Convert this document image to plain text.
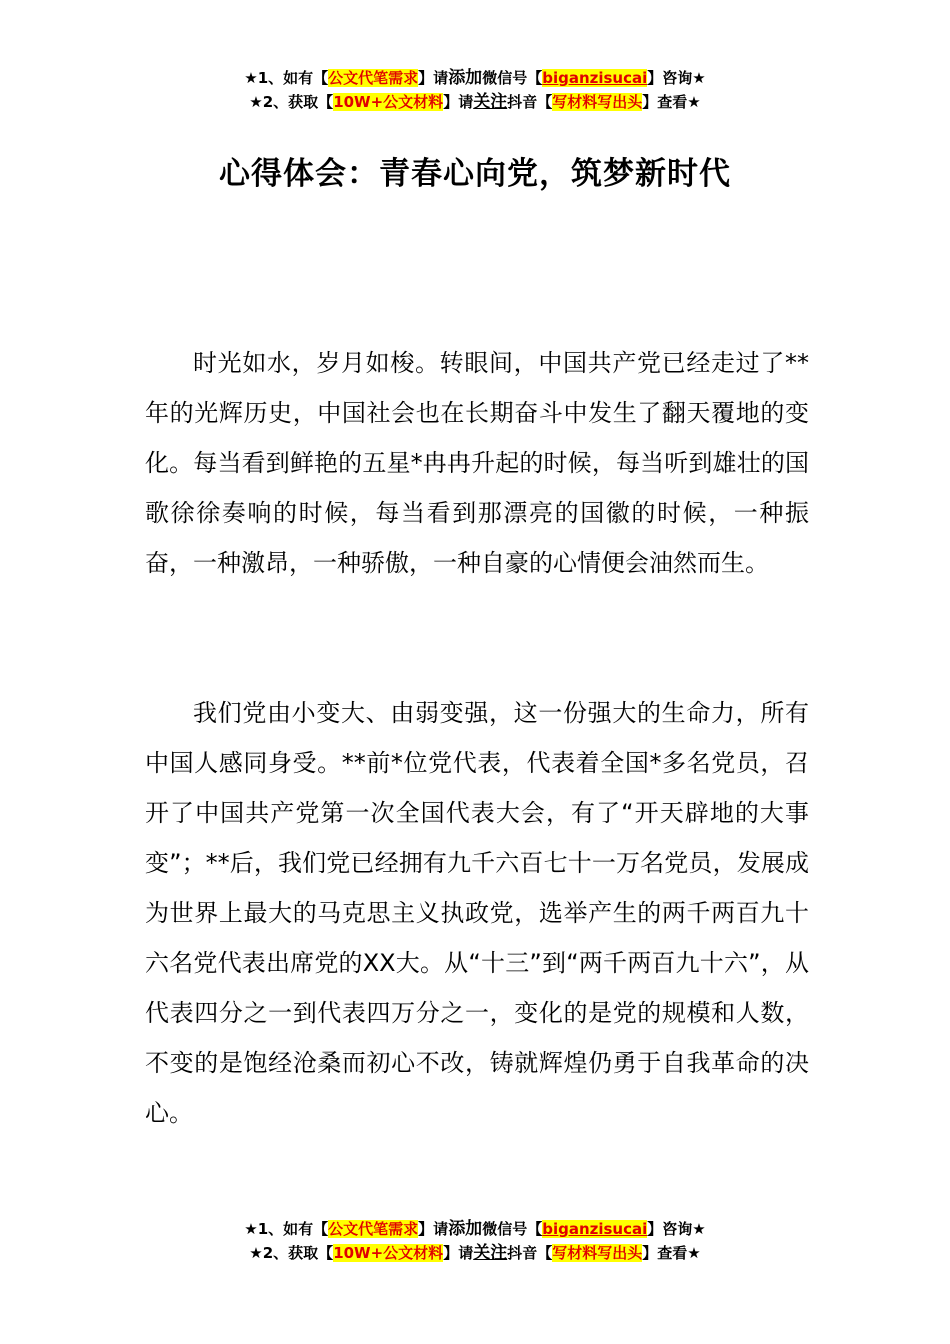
★1、如有【公文代笔需求】请添加微信号【biganzisucai】咨询★
★2、获取【10W+公文材料】请关注抖音【写材料写出头】查看★
心得体会：青春心向党，筑梦新时代

时光如水，岁月如梭。转眼间，中国共产党已经走过了**年的光辉历史，中国社会也在长期奋斗中发生了翻天覆地的变化。每当看到鲜艳的五星*冉冉升起的时候，每当听到雄壮的国歌徐徐奏响的时候，每当看到那漂亮的国徽的时候，一种振奋，一种激昂，一种骄傲，一种自豪的心情便会油然而生。

我们党由小变大、由弱变强，这一份强大的生命力，所有中国人感同身受。**前*位党代表，代表着全国*多名党员，召开了中国共产党第一次全国代表大会，有了“开天辟地的大事变”；**后，我们党已经拥有九千六百七十一万名党员，发展成为世界上最大的马克思主义执政党，选举产生的两千两百九十六名党代表出席党的XX大。从“十三”到“两千两百九十六”，从代表四分之一到代表四万分之一，变化的是党的规模和人数，不变的是饱经沧桑而初心不改，铸就辉煌仍勇于自我革命的决心。

★1、如有【公文代笔需求】请添加微信号【biganzisucai】咨询★
★2、获取【10W+公文材料】请关注抖音【写材料写出头】查看★
